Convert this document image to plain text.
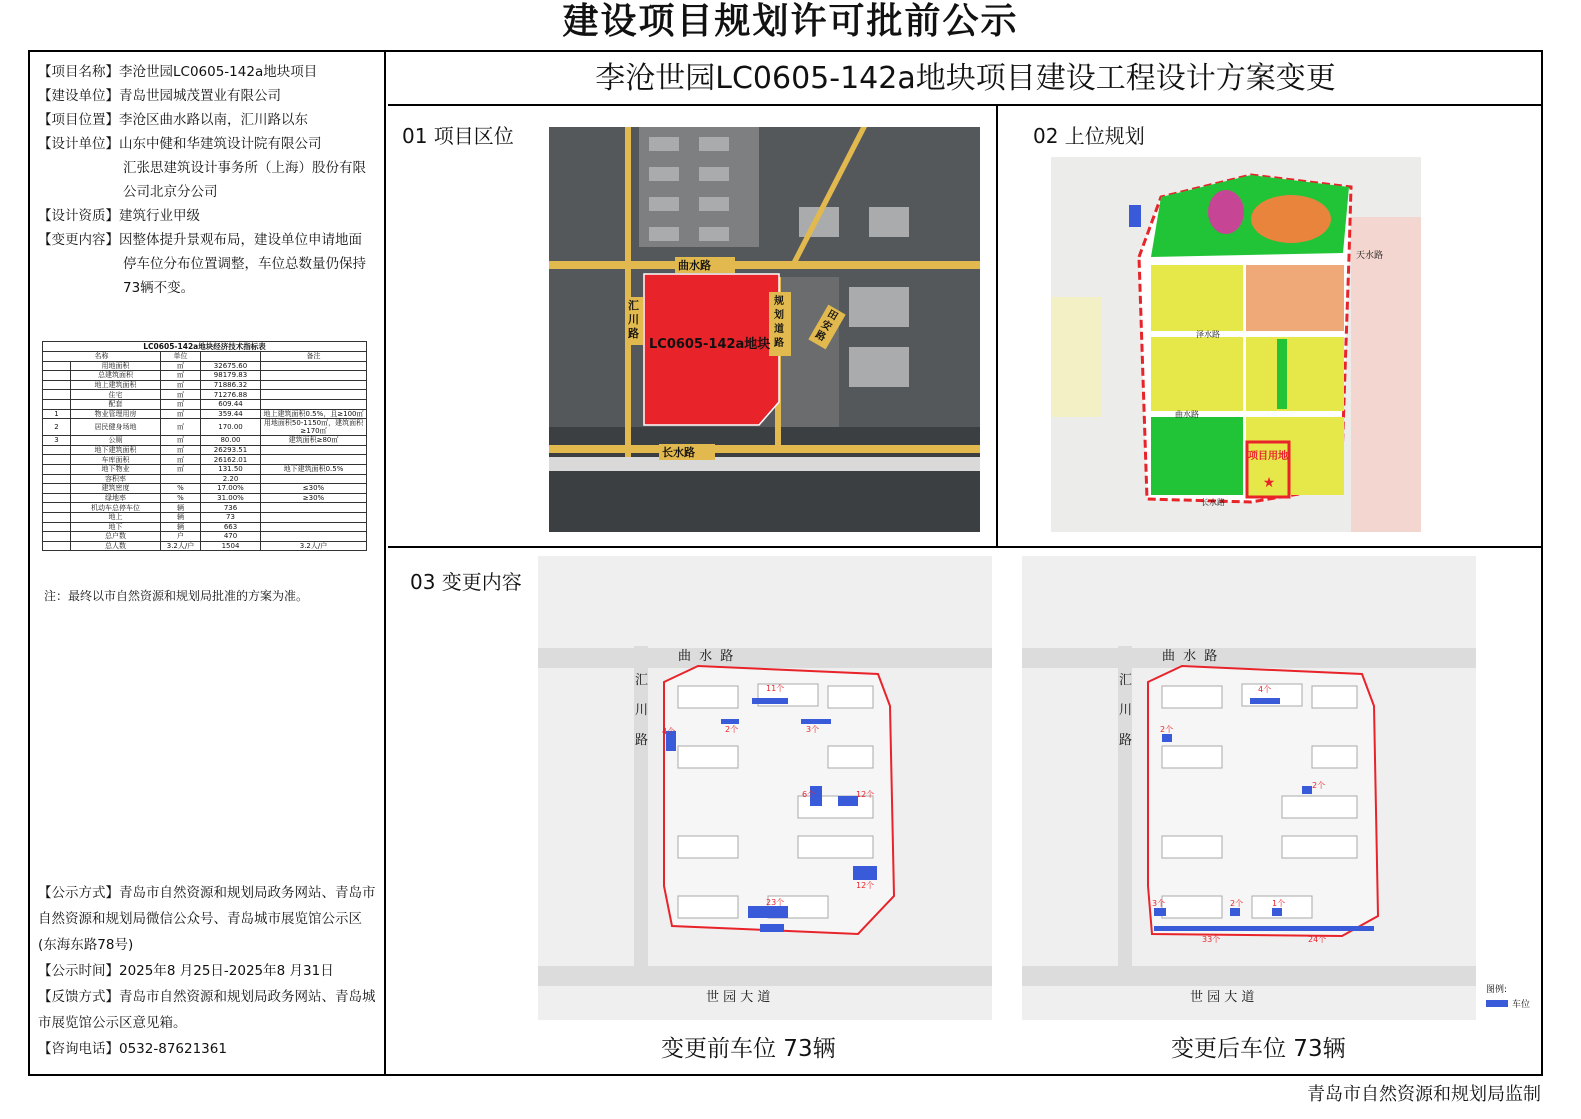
建设项目规划许可批前公示
【项目名称】 李沧世园LC0605-142a地块项目
【建设单位】 青岛世园城茂置业有限公司
【项目位置】 李沧区曲水路以南，汇川路以东
【设计单位】 山东中健和华建筑设计院有限公司
汇张思建筑设计事务所（上海）股份有限
公司北京分公司
【设计资质】 建筑行业甲级
【变更内容】 因整体提升景观布局，建设单位申请地面
停车位分布位置调整，车位总数量仍保持
73辆不变。
LC0605-142a地块经济技术指标表
名称		单位		备注
	用地面积	㎡	32675.60	
	总建筑面积	㎡	98179.83	
	地上建筑面积	㎡	71886.32	
	住宅	㎡	71276.88	
	配套	㎡	609.44	
1	物业管理用房	㎡	359.44	地上建筑面积0.5%，且≥100㎡
2	居民健身场地	㎡	170.00	用地面积50-1150㎡，建筑面积≥170㎡
3	公厕	㎡	80.00	建筑面积≥80㎡
	地下建筑面积	㎡	26293.51	
	车库面积	㎡	26162.01	
	地下物业	㎡	131.50	地下建筑面积0.5%
	容积率		2.20	
	建筑密度	%	17.00%	≤30%
	绿地率	%	31.00%	≥30%
	机动车总停车位	辆	736	
	地上	辆	73	
	地下	辆	663	
	总户数	户	470	
	总人数	3.2人/户	1504	3.2人/户
注：最终以市自然资源和规划局批准的方案为准。
【公示方式】青岛市自然资源和规划局政务网站、青岛市自然资源和规划局微信公众号、青岛城市展览馆公示区(东海东路78号)
【公示时间】2025年8 月25日-2025年8 月31日
【反馈方式】青岛市自然资源和规划局政务网站、青岛城市展览馆公示区意见箱。
【咨询电话】0532-87621361
李沧世园LC0605-142a地块项目建设工程设计方案变更
01 项目区位	02 上位规划
03 变更内容
LC0605-142a地块
曲水路
长水路
汇川路
规划道路
田安路
★
天水路
泽水路
曲水路
长水路
项目用地
曲 水 路
世 园 大 道
汇 川 路
11个
4个	2个	3个
6个	12个
12个
23个
变更前车位 73辆
曲 水 路
世 园 大 道
汇 川 路
4个
2个
2个
3个	2个	1个
33个	24个
变更后车位 73辆
图例:
车位
青岛市自然资源和规划局监制
